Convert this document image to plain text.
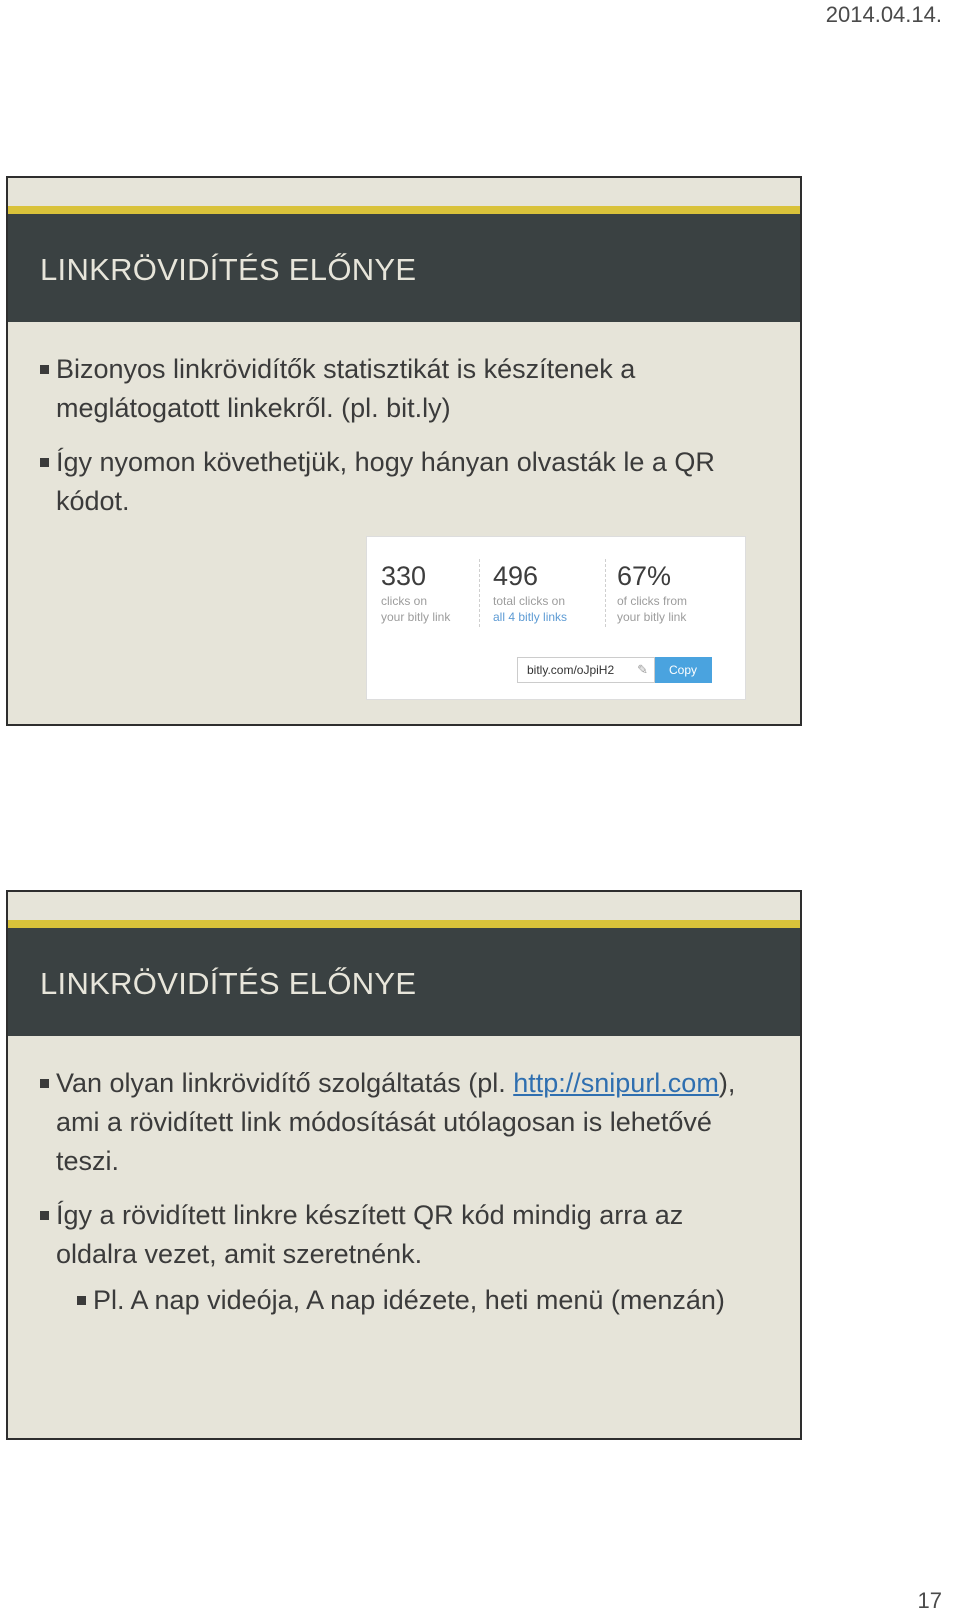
2014.04.14.
LINKRÖVIDÍTÉS ELŐNYE
Bizonyos linkrövidítők statisztikát is készítenek a meglátogatott linkekről. (pl. bit.ly)
Így nyomon követhetjük, hogy hányan olvasták le a QR kódot.
330
clicks on
your bitly link
496
total clicks on
all 4 bitly links
67%
of clicks from
your bitly link
bitly.com/oJpiH2 ✎	Copy
LINKRÖVIDÍTÉS ELŐNYE
Van olyan linkrövidítő szolgáltatás (pl. http://snipurl.com), ami a rövidített link módosítását utólagosan is lehetővé teszi.
Így a rövidített linkre készített QR kód mindig arra az oldalra vezet, amit szeretnénk.
Pl. A nap videója, A nap idézete, heti menü (menzán)
17
